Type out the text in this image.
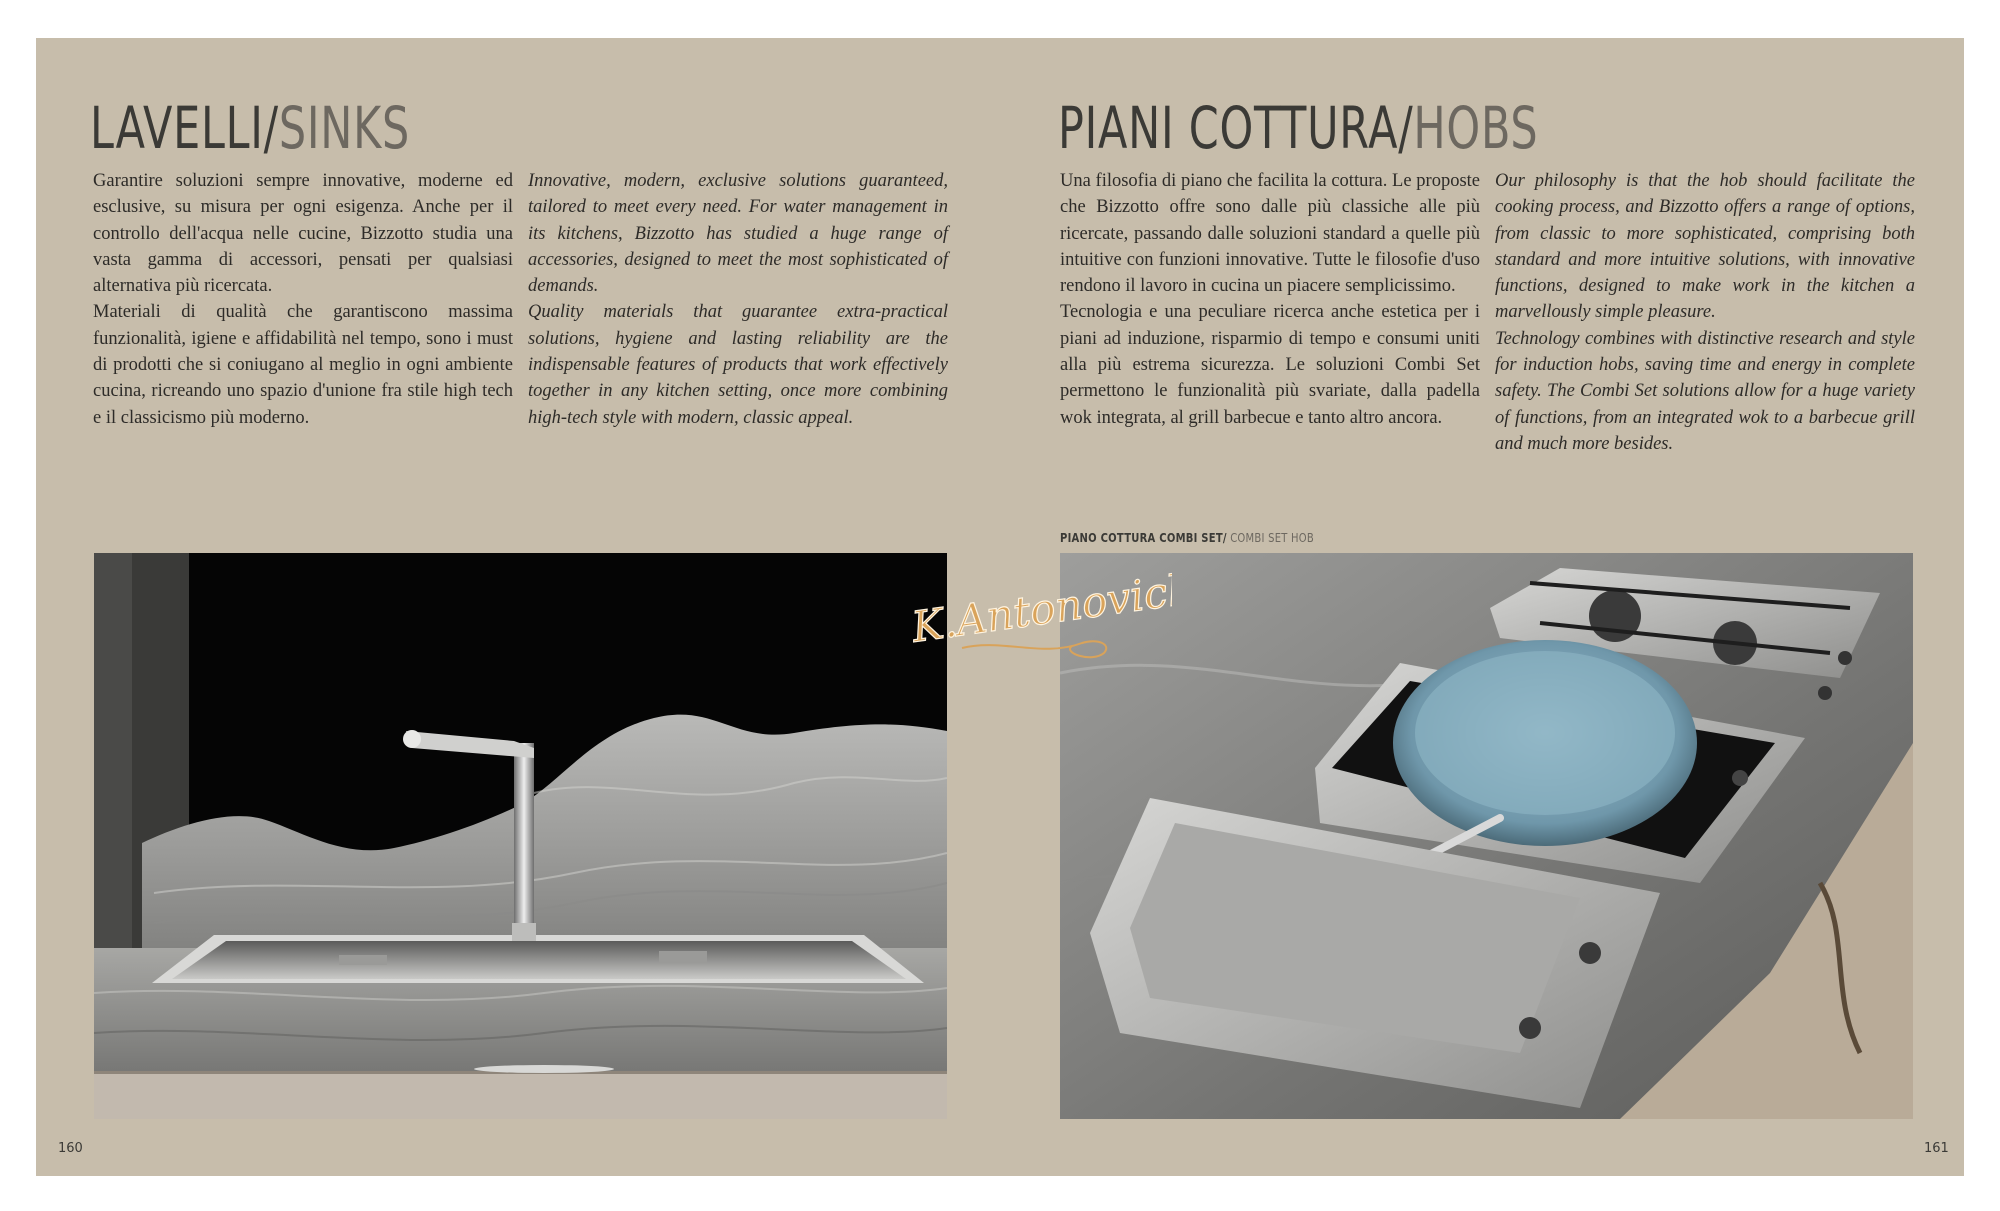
LAVELLI/SINKS

Garantire soluzioni sempre innovative, moderne ed esclusive, su misura per ogni esigenza. Anche per il controllo dell'acqua nelle cucine, Bizzotto studia una vasta gamma di accessori, pensati per qualsiasi alternativa più ricercata.

Materiali di qualità che garantiscono massima funzionalità, igiene e affidabilità nel tempo, sono i must di prodotti che si coniugano al meglio in ogni ambiente cucina, ricreando uno spazio d'unione fra stile high tech e il classicismo più moderno.

Innovative, modern, exclusive solutions guaranteed, tailored to meet every need. For water management in its kitchens, Bizzotto has studied a huge range of accessories, designed to meet the most sophisticated of demands.

Quality materials that guarantee extra-practical solutions, hygiene and lasting reliability are the indispensable features of products that work effectively together in any kitchen setting, once more combining high-tech style with modern, classic appeal.

160
PIANI COTTURA/HOBS

Una filosofia di piano che facilita la cottura. Le proposte che Bizzotto offre sono dalle più classiche alle più ricercate, passando dalle soluzioni standard a quelle più intuitive con funzioni innovative. Tutte le filosofie d'uso rendono il lavoro in cucina un piacere semplicissimo.

Tecnologia e una peculiare ricerca anche estetica per i piani ad induzione, risparmio di tempo e consumi uniti alla più estrema sicurezza. Le soluzioni Combi Set permettono le funzionalità più svariate, dalla padella wok integrata, al grill barbecue e tanto altro ancora.

Our philosophy is that the hob should facilitate the cooking process, and Bizzotto offers a range of options, from classic to more sophisticated, comprising both standard and more intuitive solutions, with innovative functions, designed to make work in the kitchen a marvellously simple pleasure.

Technology combines with distinctive research and style for induction hobs, saving time and energy in complete safety. The Combi Set solutions allow for a huge variety of functions, from an integrated wok to a barbecue grill and much more besides.

PIANO COTTURA COMBI SET/ COMBI SET HOB
161
K.Antonovich
